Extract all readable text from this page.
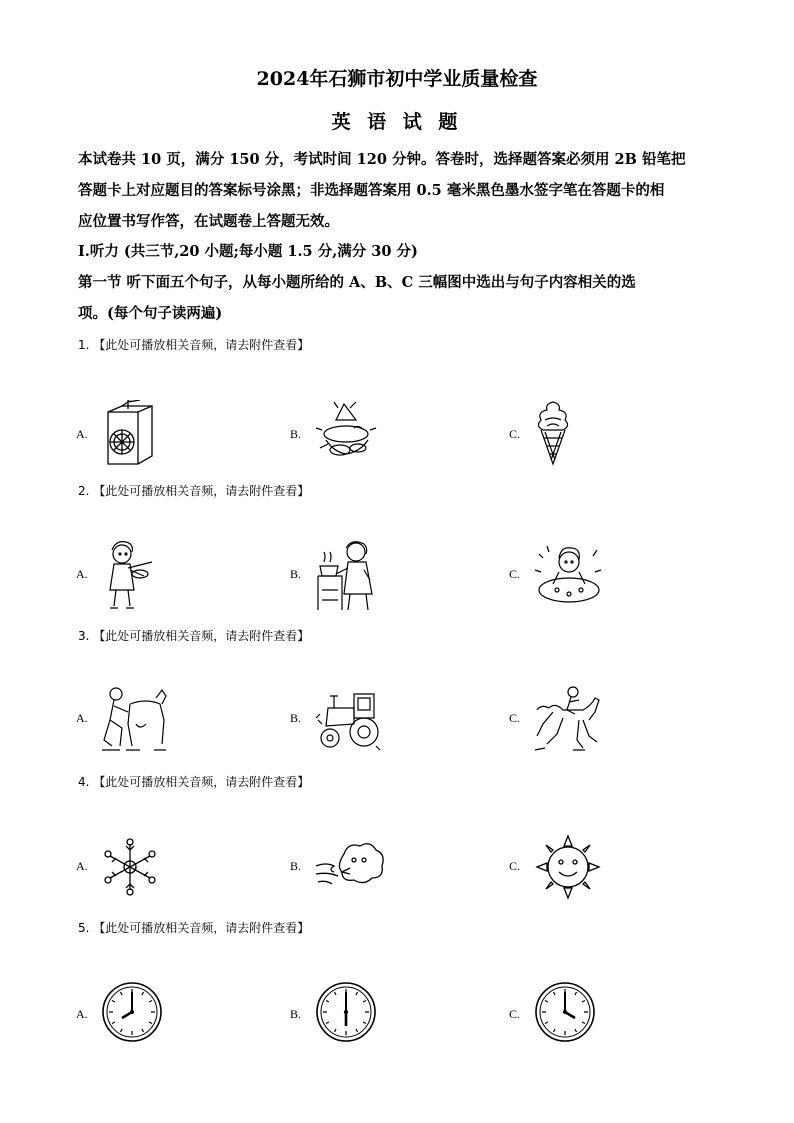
2024年石狮市初中学业质量检查
英 语 试 题
本试卷共 10 页，满分 150 分，考试时间 120 分钟。答卷时，选择题答案必须用 2B 铅笔把
答题卡上对应题目的答案标号涂黑；非选择题答案用 0.5 毫米黑色墨水签字笔在答题卡的相
应位置书写作答，在试题卷上答题无效。
Ⅰ.听力 (共三节,20 小题;每小题 1.5 分,满分 30 分)
第一节 听下面五个句子，从每小题所给的 A、B、C 三幅图中选出与句子内容相关的选
项。(每个句子读两遍)
1. 【此处可播放相关音频，请去附件查看】
A.	B.	C.
2. 【此处可播放相关音频，请去附件查看】
A.	B.	C.
3. 【此处可播放相关音频，请去附件查看】
A.	B.	C.
4. 【此处可播放相关音频，请去附件查看】
A.	B.	C.
5. 【此处可播放相关音频，请去附件查看】
A.	B.	C.
